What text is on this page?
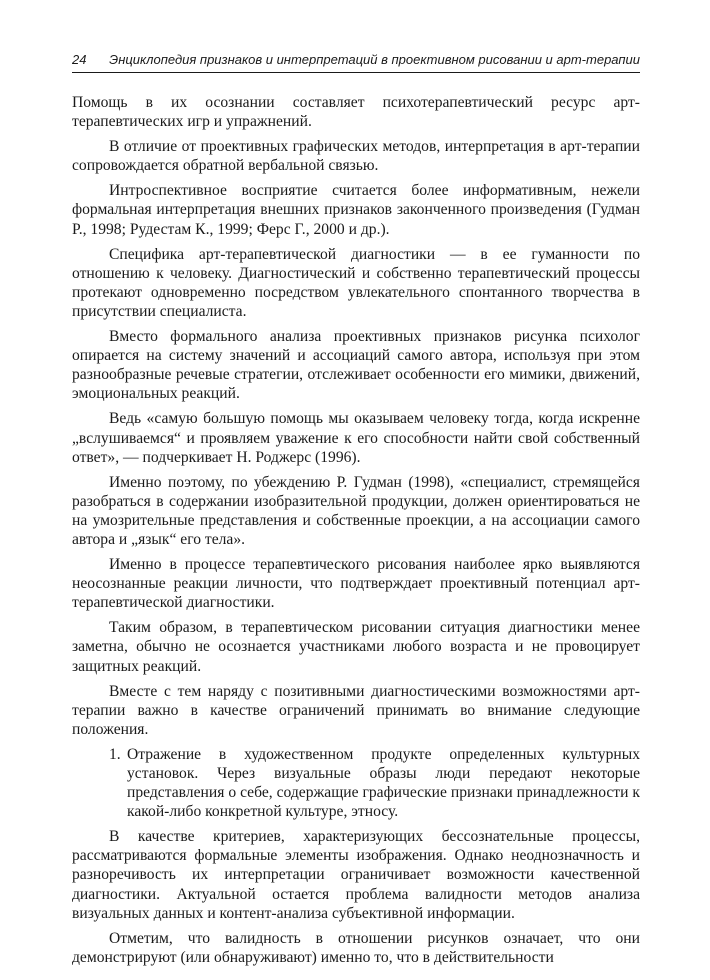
24 Энциклопедия признаков и интерпретаций в проективном рисовании и арт-терапии

Помощь в их осознании составляет психотерапевтический ресурс арт-терапевтических игр и упражнений.

В отличие от проективных графических методов, интерпретация в арт-терапии сопровождается обратной вербальной связью.

Интроспективное восприятие считается более информативным, нежели формальная интерпретация внешних признаков законченного произведения (Гудман Р., 1998; Рудестам К., 1999; Ферс Г., 2000 и др.).

Специфика арт-терапевтической диагностики — в ее гуманности по отношению к человеку. Диагностический и собственно терапевтический процессы протекают одновременно посредством увлекательного спонтанного творчества в присутствии специалиста.

Вместо формального анализа проективных признаков рисунка психолог опирается на систему значений и ассоциаций самого автора, используя при этом разнообразные речевые стратегии, отслеживает особенности его мимики, движений, эмоциональных реакций.

Ведь «самую большую помощь мы оказываем человеку тогда, когда искренне „вслушиваемся“ и проявляем уважение к его способности найти свой собственный ответ», — подчеркивает Н. Роджерс (1996).

Именно поэтому, по убеждению Р. Гудман (1998), «специалист, стремящейся разобраться в содержании изобразительной продукции, должен ориентироваться не на умозрительные представления и собственные проекции, а на ассоциации самого автора и „язык“ его тела».

Именно в процессе терапевтического рисования наиболее ярко выявляются неосознанные реакции личности, что подтверждает проективный потенциал арт-терапевтической диагностики.

Таким образом, в терапевтическом рисовании ситуация диагностики менее заметна, обычно не осознается участниками любого возраста и не провоцирует защитных реакций.

Вместе с тем наряду с позитивными диагностическими возможностями арт-терапии важно в качестве ограничений принимать во внимание следующие положения.

1. Отражение в художественном продукте определенных культурных установок. Через визуальные образы люди передают некоторые представления о себе, содержащие графические признаки принадлежности к какой-либо конкретной культуре, этносу.

В качестве критериев, характеризующих бессознательные процессы, рассматриваются формальные элементы изображения. Однако неоднозначность и разноречивость их интерпретации ограничивает возможности качественной диагностики. Актуальной остается проблема валидности методов анализа визуальных данных и контент-анализа субъективной информации.

Отметим, что валидность в отношении рисунков означает, что они демонстрируют (или обнаруживают) именно то, что в действительности
